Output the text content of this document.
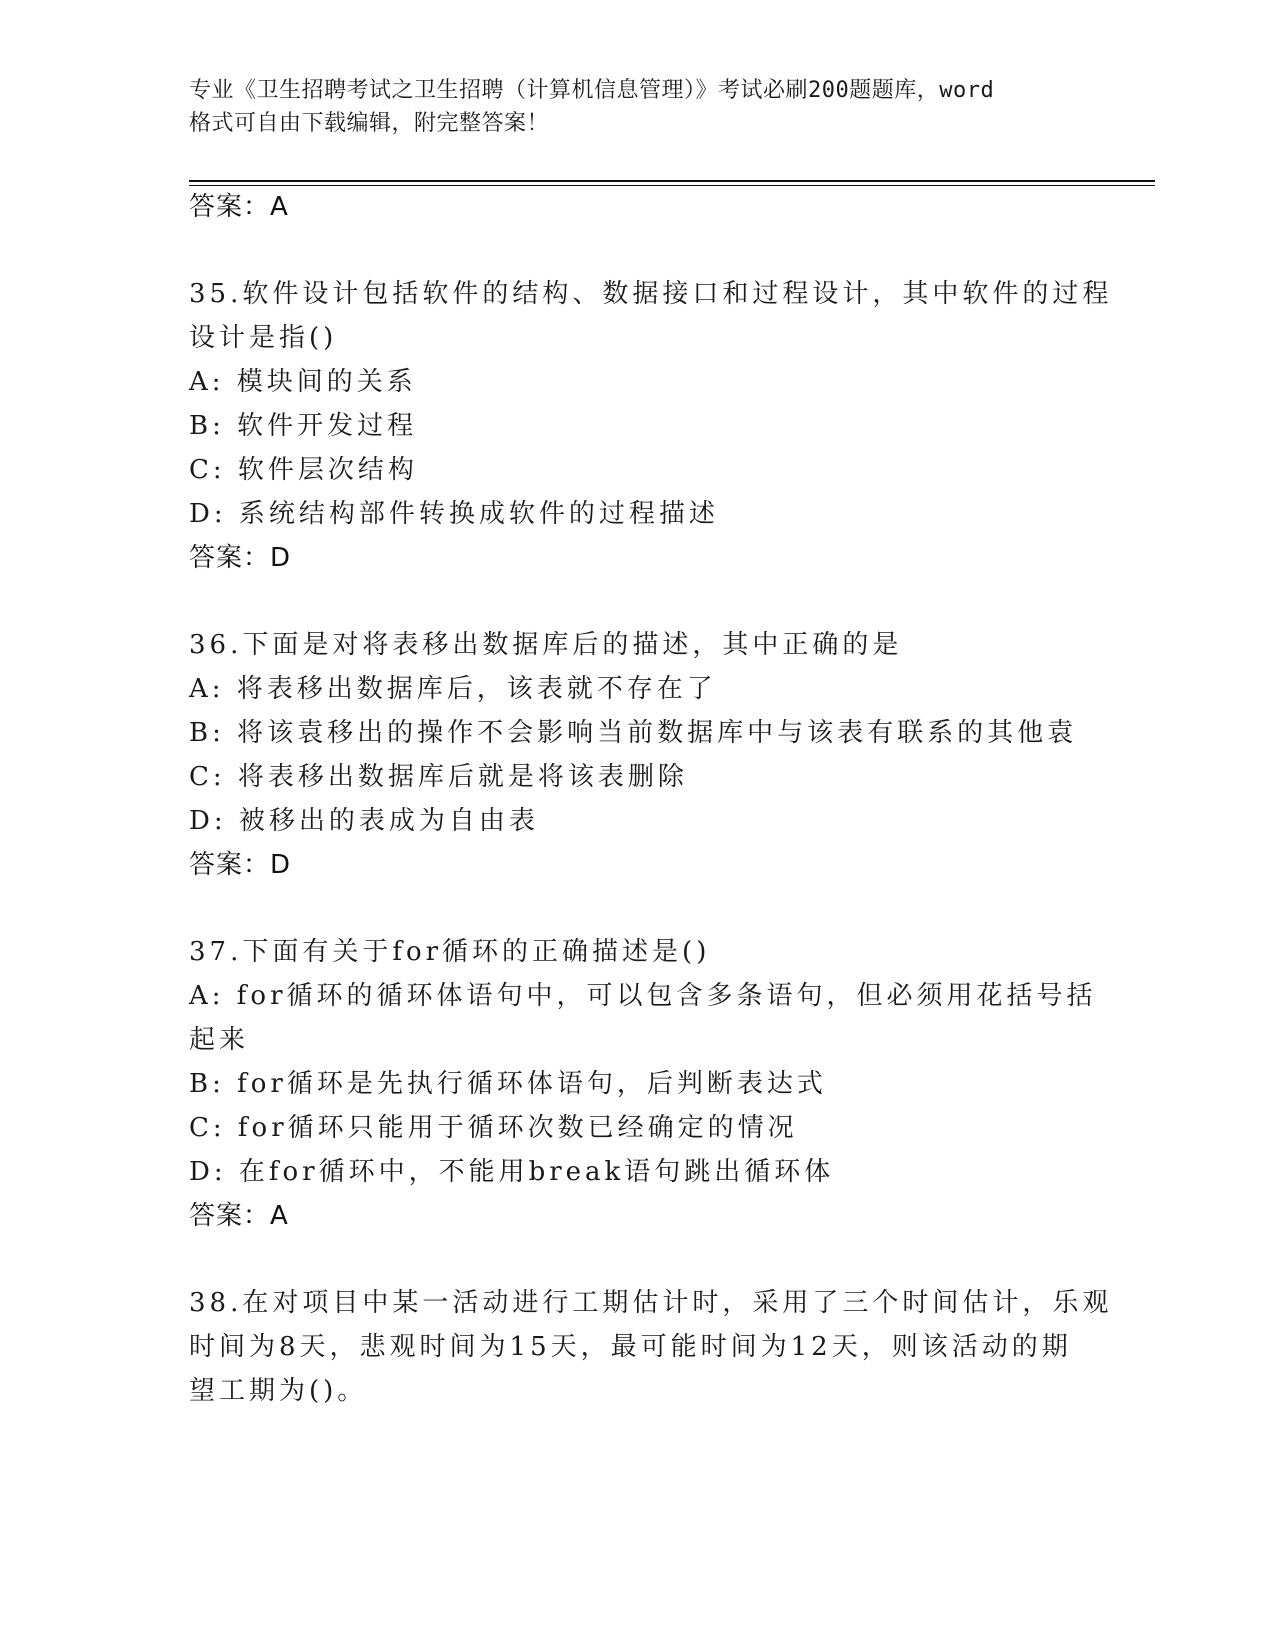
专业《卫生招聘考试之卫生招聘（计算机信息管理）》考试必刷200题题库，word
格式可自由下载编辑，附完整答案！
答案：A
35.软件设计包括软件的结构、数据接口和过程设计，其中软件的过程
设计是指()
A: 模块间的关系
B: 软件开发过程
C: 软件层次结构
D: 系统结构部件转换成软件的过程描述
答案：D
36.下面是对将表移出数据库后的描述，其中正确的是
A: 将表移出数据库后，该表就不存在了
B: 将该袁移出的操作不会影响当前数据库中与该表有联系的其他袁
C: 将表移出数据库后就是将该表删除
D: 被移出的表成为自由表
答案：D
37.下面有关于for循环的正确描述是()
A: for循环的循环体语句中，可以包含多条语句，但必须用花括号括
起来
B: for循环是先执行循环体语句，后判断表达式
C: for循环只能用于循环次数已经确定的情况
D: 在for循环中，不能用break语句跳出循环体
答案：A
38.在对项目中某一活动进行工期估计时，采用了三个时间估计，乐观
时间为8天，悲观时间为15天，最可能时间为12天，则该活动的期
望工期为()。
